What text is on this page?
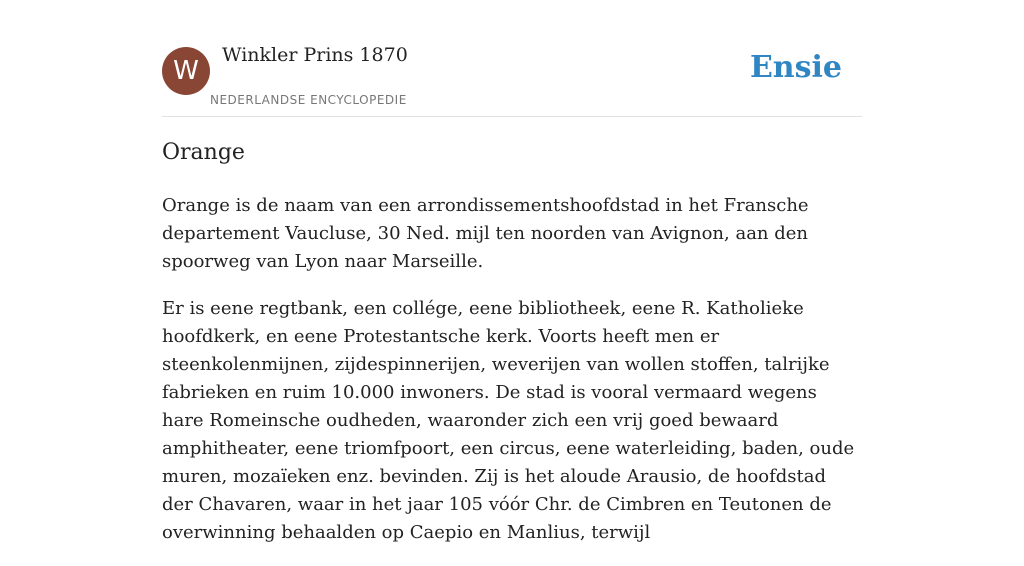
W
Winkler Prins 1870
NEDERLANDSE ENCYCLOPEDIE
Ensie
Orange

Orange is de naam van een arrondissementshoofdstad in het Fransche departement Vaucluse, 30 Ned. mijl ten noorden van Avignon, aan den spoorweg van Lyon naar Marseille.

Er is eene regtbank, een collége, eene bibliotheek, eene R. Katholieke hoofdkerk, en eene Protestantsche kerk. Voorts heeft men er steenkolenmijnen, zijdespinnerijen, weverijen van wollen stoffen, talrijke fabrieken en ruim 10.000 inwoners. De stad is vooral vermaard wegens hare Romeinsche oudheden, waaronder zich een vrij goed bewaard amphitheater, eene triomfpoort, een circus, eene waterleiding, baden, oude muren, mozaïeken enz. bevinden. Zij is het aloude Arausio, de hoofdstad der Chavaren, waar in het jaar 105 vóór Chr. de Cimbren en Teutonen de overwinning behaalden op Caepio en Manlius, terwijl
